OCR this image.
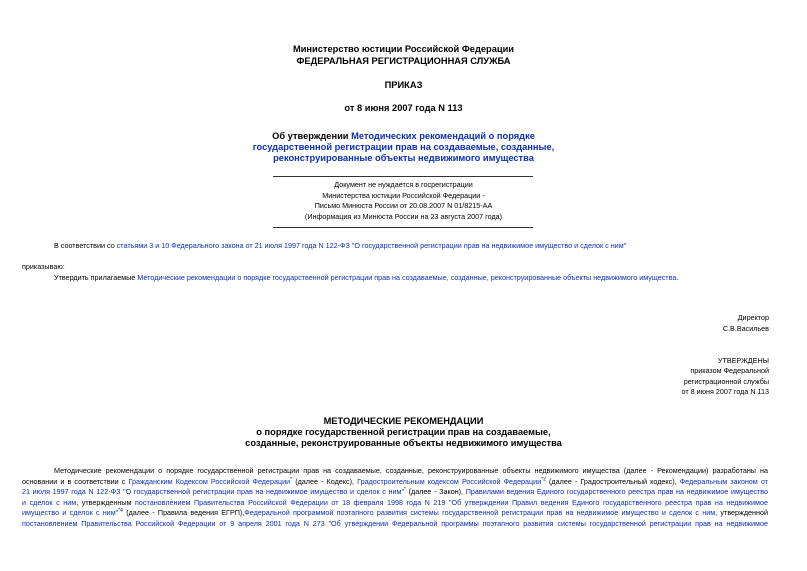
Министерство юстиции Российской Федерации
ФЕДЕРАЛЬНАЯ РЕГИСТРАЦИОННАЯ СЛУЖБА
ПРИКАЗ
от 8 июня 2007 года N 113
Об утверждении Методических рекомендаций о порядке
государственной регистрации прав на создаваемые, созданные,
реконструированные объекты недвижимого имущества
Документ не нуждается в госрегистрации
Министерства юстиции Российской Федерации -
Письмо Минюста России от 20.08.2007 N 01/8215-АА
(Информация из Минюста России на 23 августа 2007 года)
В соответствии со статьями 3 и 10 Федерального закона от 21 июля 1997 года N 122-ФЗ "О государственной регистрации прав на недвижимое имущество и сделок с ним"
приказываю:
Утвердить прилагаемые Методические рекомендации о порядке государственной регистрации прав на создаваемые, созданные, реконструированные объекты недвижимого имущества.
Директор
С.В.Васильев
УТВЕРЖДЕНЫ
приказом Федеральной
регистрационной службы
от 8 июня 2007 года N 113
МЕТОДИЧЕСКИЕ РЕКОМЕНДАЦИИ
о порядке государственной регистрации прав на создаваемые,
созданные, реконструированные объекты недвижимого имущества
Методические рекомендации о порядке государственной регистрации прав на создаваемые, созданные, реконструированные объекты недвижимого имущества (далее - Рекомендации) разработаны на
основании и в соответствии с Гражданским Кодексом Российской Федерации* (далее - Кодекс), Градостроительным кодексом Российской Федерации$^{*2}$ (далее - Градостроительный кодекс), Федеральным законом от
21 июля 1997 года N 122-ФЗ "О государственной регистрации прав на недвижимое имущество и сделок с ним"* (далее - Закон), Правилами ведения Единого государственного реестра прав на недвижимое имущество
и сделок с ним, утвержденным постановлением Правительства Российской Федерации от 18 февраля 1998 года N 219 "Об утверждении Правил ведения Единого государственного реестра прав на недвижимое
имущество и сделок с ним"$^{*4}$ (далее - Правила ведения ЕГРП),Федеральной программой поэтапного развития системы государственной регистрации прав на недвижимое имущество и сделок с ним, утвержденной
постановлением Правительства Российской Федерации от 9 апреля 2001 года N 273 "Об утверждении Федеральной программы поэтапного развития системы государственной регистрации прав на недвижимое
